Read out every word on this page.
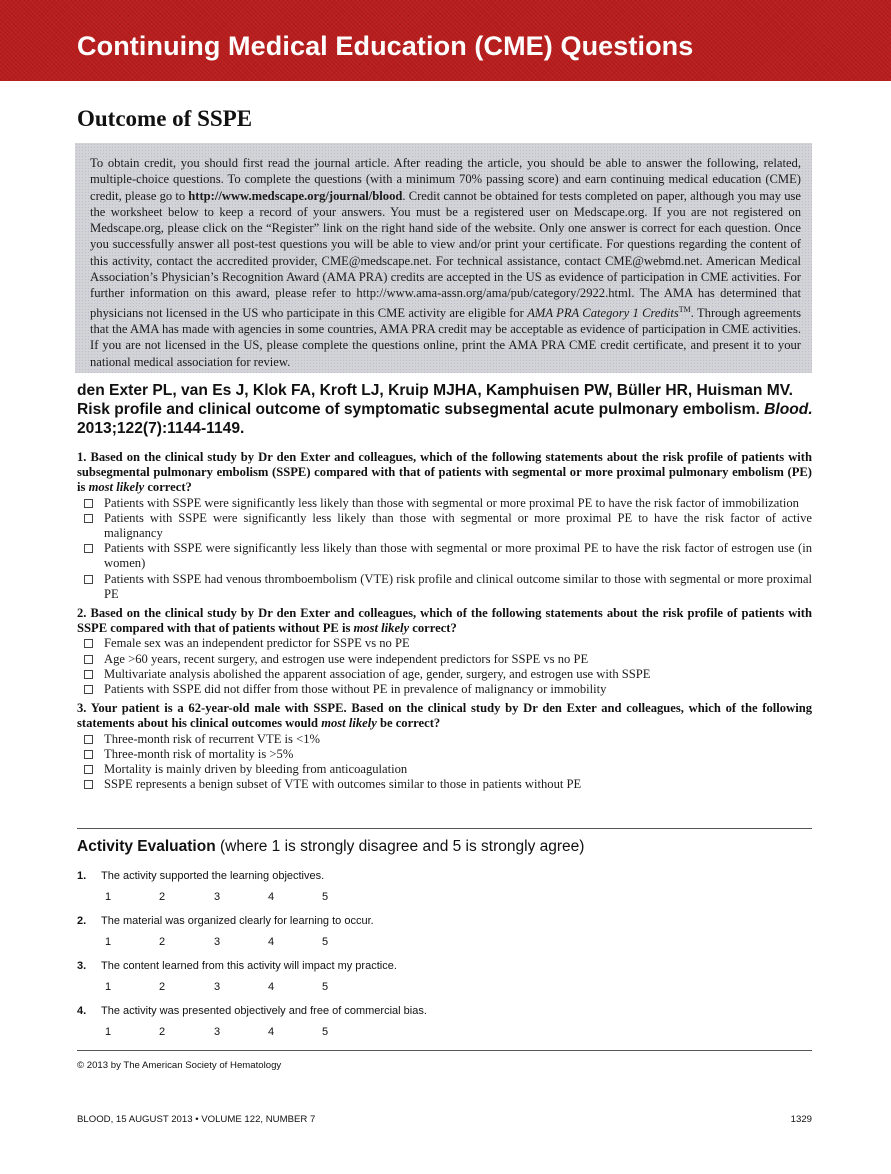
Continuing Medical Education (CME) Questions
Outcome of SSPE

To obtain credit, you should first read the journal article. After reading the article, you should be able to answer the following, related, multiple-choice questions. To complete the questions (with a minimum 70% passing score) and earn continuing medical education (CME) credit, please go to http://www.medscape.org/journal/blood. Credit cannot be obtained for tests completed on paper, although you may use the worksheet below to keep a record of your answers. You must be a registered user on Medscape.org. If you are not registered on Medscape.org, please click on the “Register” link on the right hand side of the website. Only one answer is correct for each question. Once you successfully answer all post-test questions you will be able to view and/or print your certificate. For questions regarding the content of this activity, contact the accredited provider, CME@medscape.net. For technical assistance, contact CME@webmd.net. American Medical Association’s Physician’s Recognition Award (AMA PRA) credits are accepted in the US as evidence of participation in CME activities. For further information on this award, please refer to http://www.ama-assn.org/ama/pub/category/2922.html. The AMA has determined that physicians not licensed in the US who participate in this CME activity are eligible for AMA PRA Category 1 Credits™. Through agreements that the AMA has made with agencies in some countries, AMA PRA credit may be acceptable as evidence of participation in CME activities. If you are not licensed in the US, please complete the questions online, print the AMA PRA CME credit certificate, and present it to your national medical association for review.

den Exter PL, van Es J, Klok FA, Kroft LJ, Kruip MJHA, Kamphuisen PW, Büller HR, Huisman MV. Risk profile and clinical outcome of symptomatic subsegmental acute pulmonary embolism. Blood. 2013;122(7):1144-1149.
1. Based on the clinical study by Dr den Exter and colleagues, which of the following statements about the risk profile of patients with subsegmental pulmonary embolism (SSPE) compared with that of patients with segmental or more proximal pulmonary embolism (PE) is most likely correct?
Patients with SSPE were significantly less likely than those with segmental or more proximal PE to have the risk factor of immobilization
Patients with SSPE were significantly less likely than those with segmental or more proximal PE to have the risk factor of active malignancy
Patients with SSPE were significantly less likely than those with segmental or more proximal PE to have the risk factor of estrogen use (in women)
Patients with SSPE had venous thromboembolism (VTE) risk profile and clinical outcome similar to those with segmental or more proximal PE
2. Based on the clinical study by Dr den Exter and colleagues, which of the following statements about the risk profile of patients with SSPE compared with that of patients without PE is most likely correct?
Female sex was an independent predictor for SSPE vs no PE
Age >60 years, recent surgery, and estrogen use were independent predictors for SSPE vs no PE
Multivariate analysis abolished the apparent association of age, gender, surgery, and estrogen use with SSPE
Patients with SSPE did not differ from those without PE in prevalence of malignancy or immobility
3. Your patient is a 62-year-old male with SSPE. Based on the clinical study by Dr den Exter and colleagues, which of the following statements about his clinical outcomes would most likely be correct?
Three-month risk of recurrent VTE is <1%
Three-month risk of mortality is >5%
Mortality is mainly driven by bleeding from anticoagulation
SSPE represents a benign subset of VTE with outcomes similar to those in patients without PE
Activity Evaluation (where 1 is strongly disagree and 5 is strongly agree)
1. The activity supported the learning objectives.
1	2	3	4	5
2. The material was organized clearly for learning to occur.
1	2	3	4	5
3. The content learned from this activity will impact my practice.
1	2	3	4	5
4. The activity was presented objectively and free of commercial bias.
1	2	3	4	5
© 2013 by The American Society of Hematology
BLOOD, 15 AUGUST 2013 • VOLUME 122, NUMBER 7	1329
